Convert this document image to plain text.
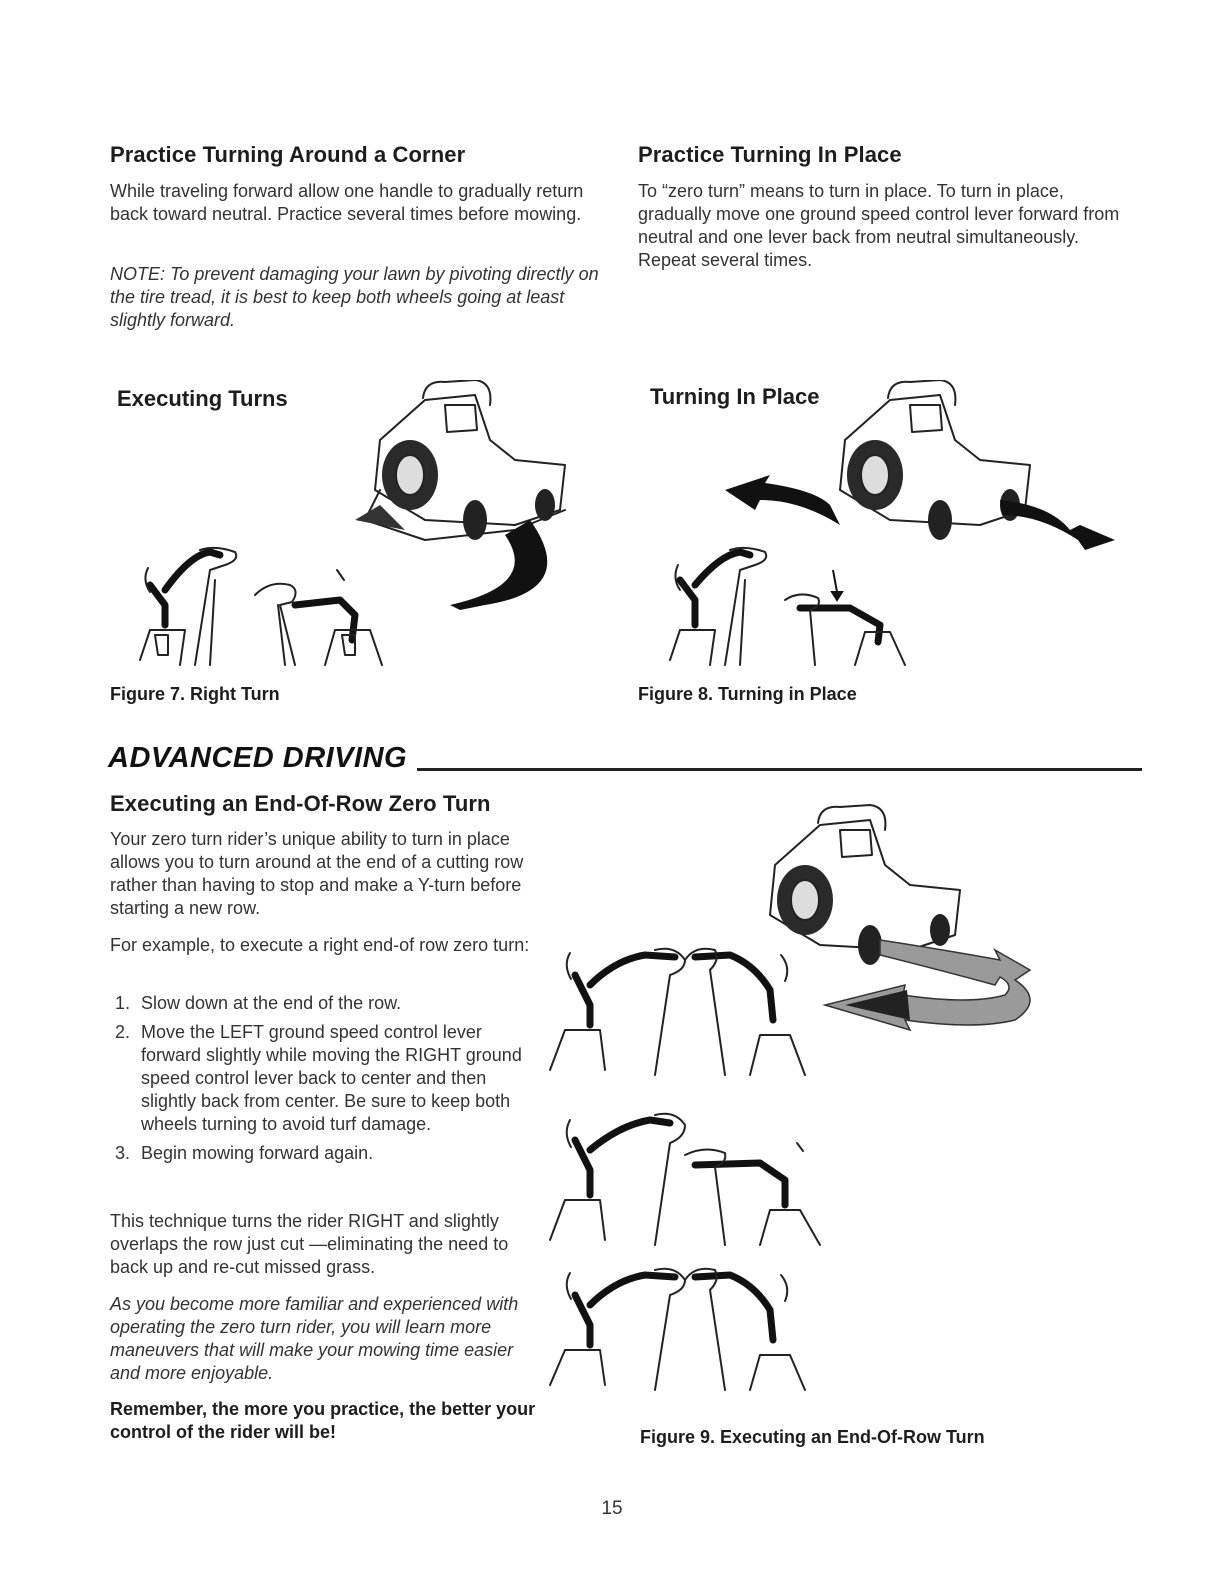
Practice Turning Around a Corner
While traveling forward allow one handle to gradually return back toward neutral. Practice several times before mowing.
NOTE: To prevent damaging your lawn by pivoting directly on the tire tread, it is best to keep both wheels going at least slightly forward.
Practice Turning In Place
To “zero turn” means to turn in place. To turn in place, gradually move one ground speed control lever forward from neutral and one lever back from neutral simultaneously. Repeat several times.
Executing Turns
Figure 7. Right Turn
Turning In Place
Figure 8. Turning in Place
ADVANCED DRIVING
Executing an End-Of-Row Zero Turn
Your zero turn rider’s unique ability to turn in place allows you to turn around at the end of a cutting row rather than having to stop and make a Y-turn before starting a new row.
For example, to execute a right end-of row zero turn:
1. Slow down at the end of the row.
2. Move the LEFT ground speed control lever forward slightly while moving the RIGHT ground speed control lever back to center and then slightly back from center. Be sure to keep both wheels turning to avoid turf damage.
3. Begin mowing forward again.
This technique turns the rider RIGHT and slightly overlaps the row just cut —eliminating the need to back up and re-cut missed grass.
As you become more familiar and experienced with operating the zero turn rider, you will learn more maneuvers that will make your mowing time easier and more enjoyable.
Remember, the more you practice, the better your control of the rider will be!	Figure 9. Executing an End-Of-Row Turn
15
